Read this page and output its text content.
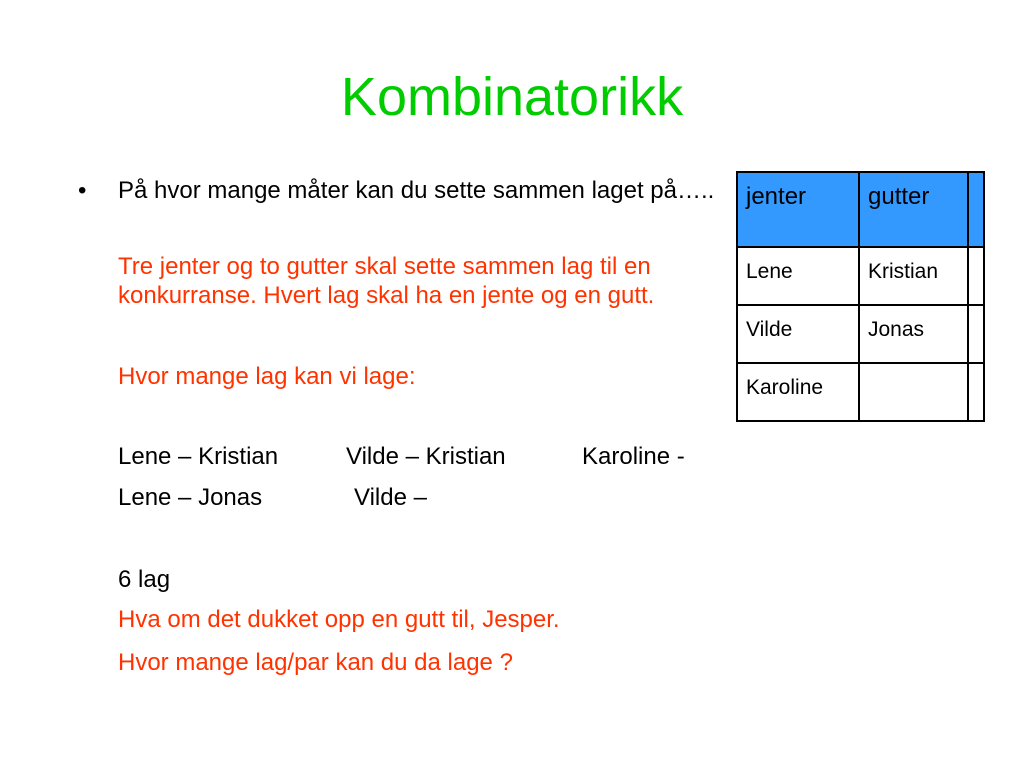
Kombinatorikk
• På hvor mange måter kan du sette sammen laget på…..
Tre jenter og to gutter skal sette sammen lag til en konkurranse. Hvert lag skal ha en jente og en gutt.
Hvor mange lag kan vi lage:
Lene – Kristian	Vilde – Kristian	Karoline -
Lene – Jonas	Vilde –
6 lag
Hva om det dukket opp en gutt til, Jesper.
Hvor mange lag/par kan du da lage ?
jenter	gutter	
Lene	Kristian	
Vilde	Jonas	
Karoline		
